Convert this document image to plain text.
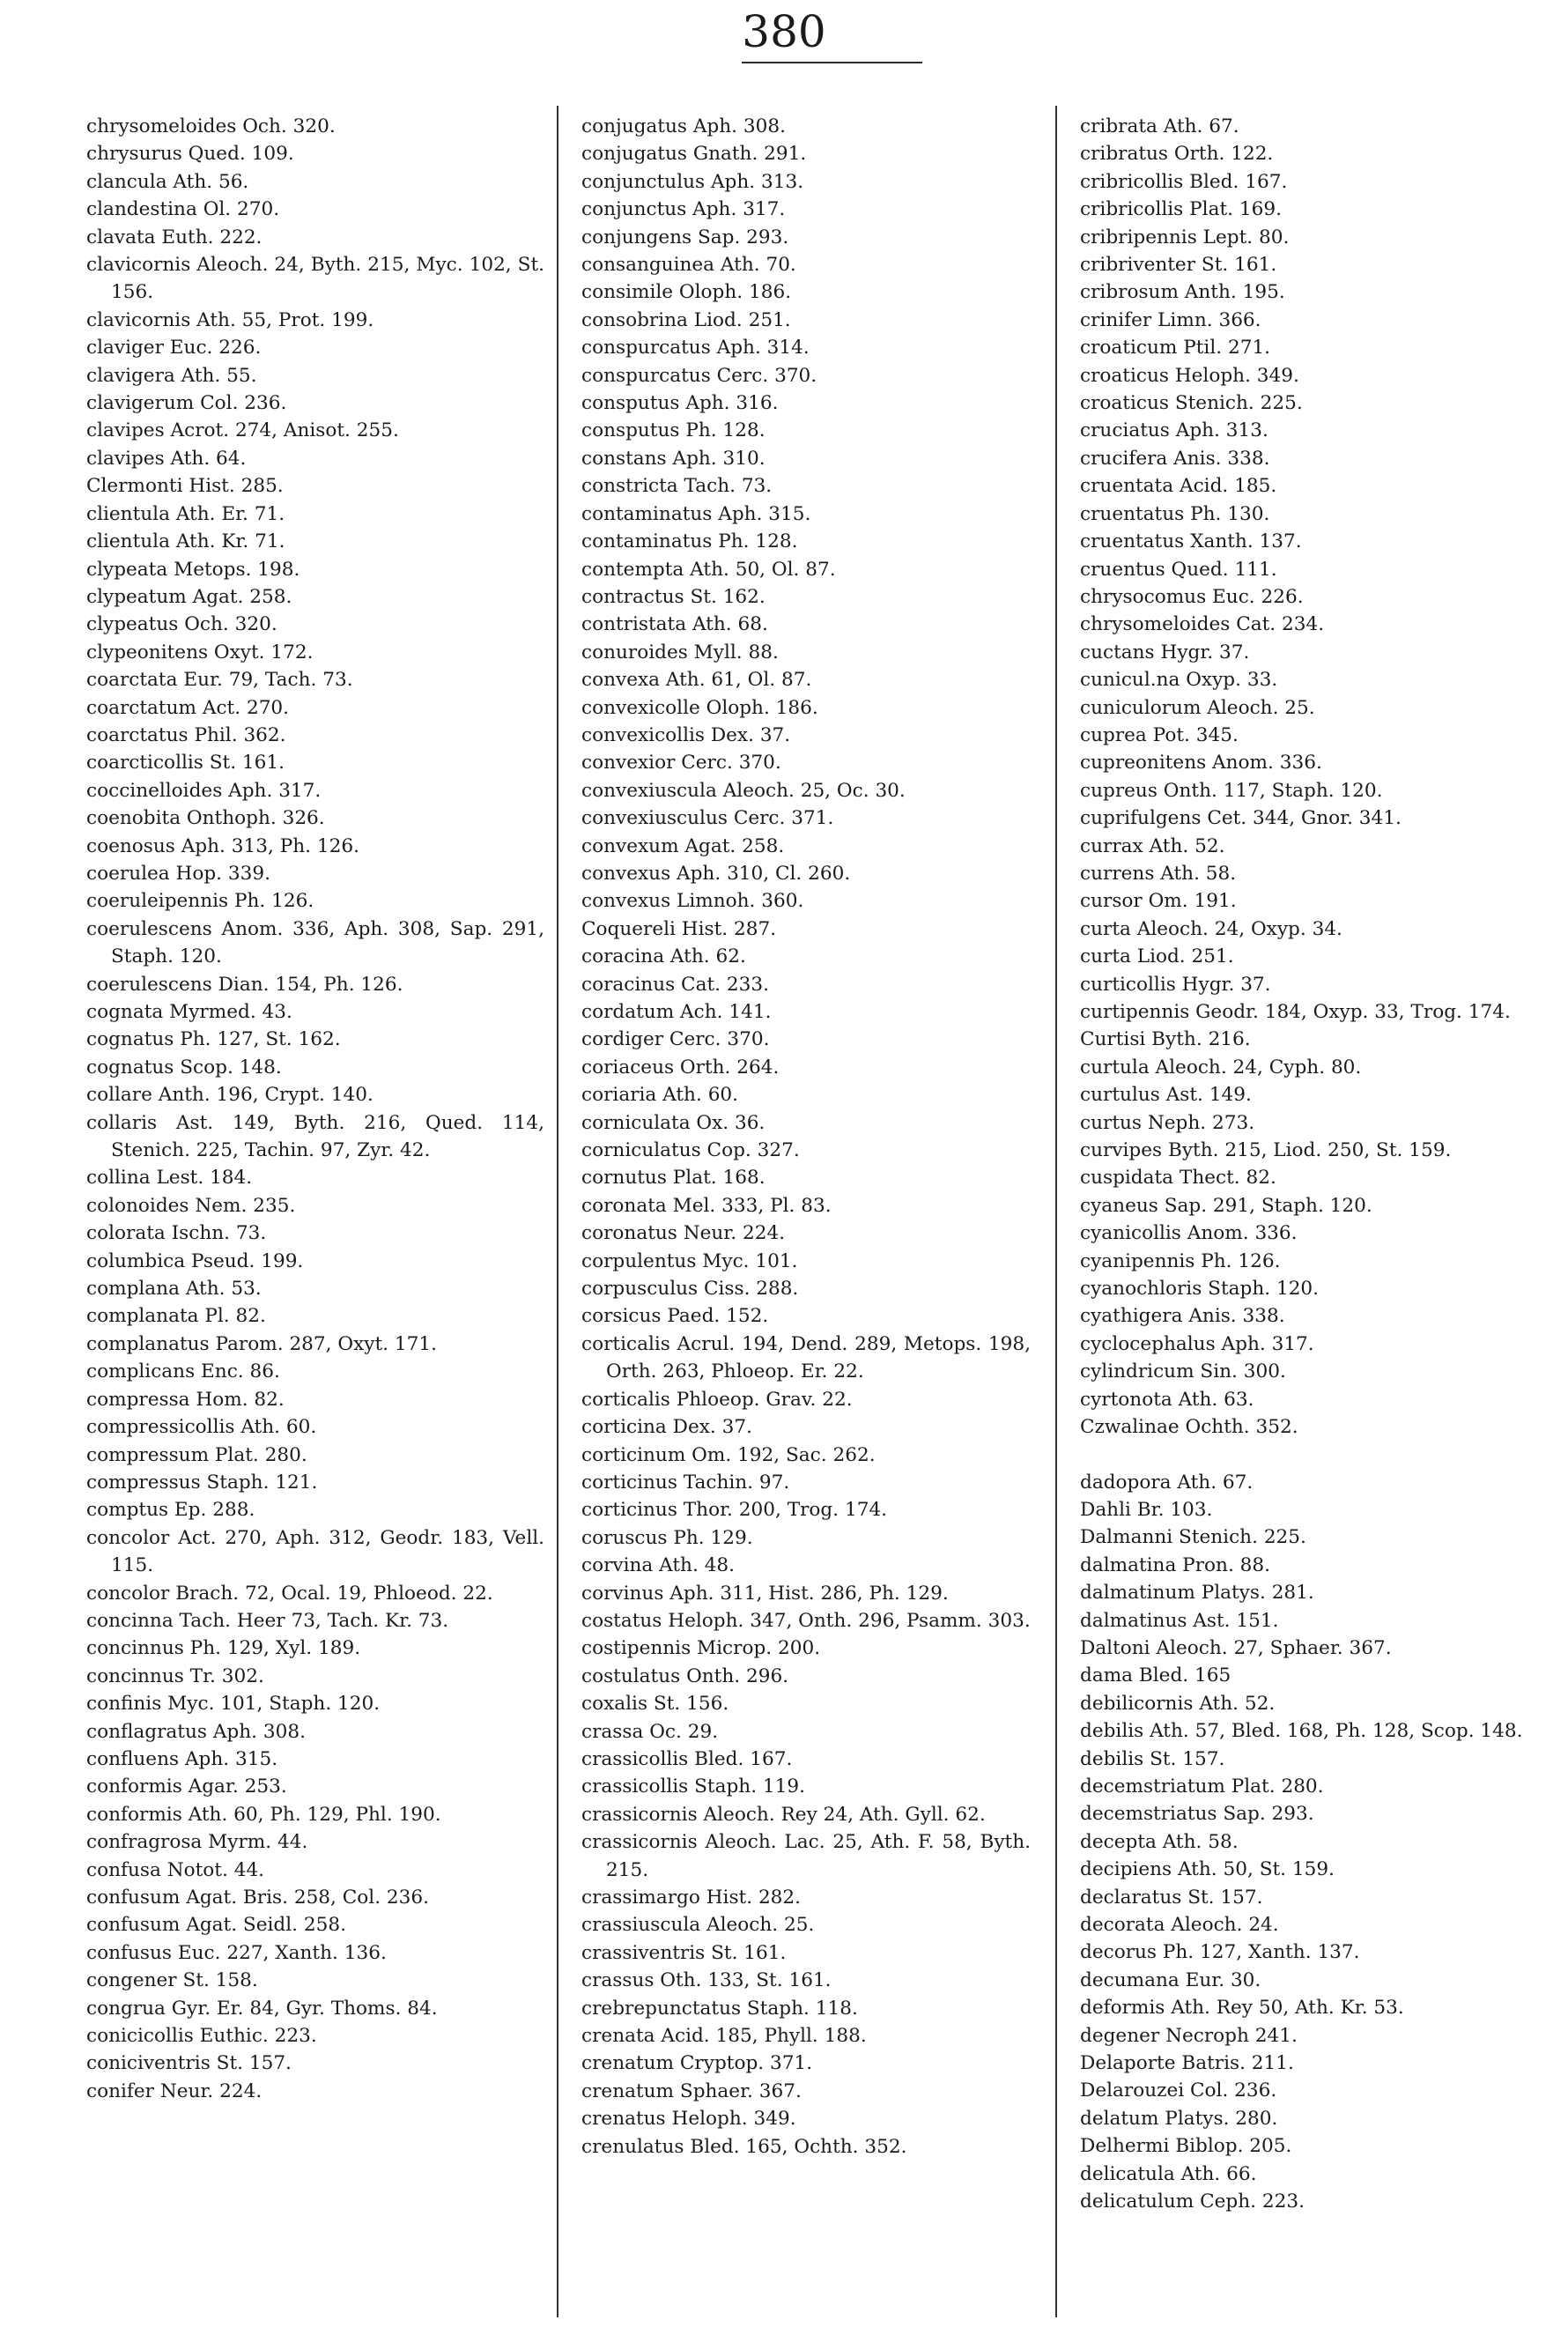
380
chrysomeloides Och. 320.
chrysurus Qued. 109.
clancula Ath. 56.
clandestina Ol. 270.
clavata Euth. 222.
clavicornis Aleoch. 24, Byth. 215, Myc. 102, St. 156.
clavicornis Ath. 55, Prot. 199.
claviger Euc. 226.
clavigera Ath. 55.
clavigerum Col. 236.
clavipes Acrot. 274, Anisot. 255.
clavipes Ath. 64.
Clermonti Hist. 285.
clientula Ath. Er. 71.
clientula Ath. Kr. 71.
clypeata Metops. 198.
clypeatum Agat. 258.
clypeatus Och. 320.
clypeonitens Oxyt. 172.
coarctata Eur. 79, Tach. 73.
coarctatum Act. 270.
coarctatus Phil. 362.
coarcticollis St. 161.
coccinelloides Aph. 317.
coenobita Onthoph. 326.
coenosus Aph. 313, Ph. 126.
coerulea Hop. 339.
coeruleipennis Ph. 126.
coerulescens Anom. 336, Aph. 308, Sap. 291, Staph. 120.
coerulescens Dian. 154, Ph. 126.
cognata Myrmed. 43.
cognatus Ph. 127, St. 162.
cognatus Scop. 148.
collare Anth. 196, Crypt. 140.
collaris Ast. 149, Byth. 216, Qued. 114, Stenich. 225, Tachin. 97, Zyr. 42.
collina Lest. 184.
colonoides Nem. 235.
colorata Ischn. 73.
columbica Pseud. 199.
complana Ath. 53.
complanata Pl. 82.
complanatus Parom. 287, Oxyt. 171.
complicans Enc. 86.
compressa Hom. 82.
compressicollis Ath. 60.
compressum Plat. 280.
compressus Staph. 121.
comptus Ep. 288.
concolor Act. 270, Aph. 312, Geodr. 183, Vell. 115.
concolor Brach. 72, Ocal. 19, Phloeod. 22.
concinna Tach. Heer 73, Tach. Kr. 73.
concinnus Ph. 129, Xyl. 189.
concinnus Tr. 302.
confinis Myc. 101, Staph. 120.
conflagratus Aph. 308.
confluens Aph. 315.
conformis Agar. 253.
conformis Ath. 60, Ph. 129, Phl. 190.
confragrosa Myrm. 44.
confusa Notot. 44.
confusum Agat. Bris. 258, Col. 236.
confusum Agat. Seidl. 258.
confusus Euc. 227, Xanth. 136.
congener St. 158.
congrua Gyr. Er. 84, Gyr. Thoms. 84.
conicicollis Euthic. 223.
coniciventris St. 157.
conifer Neur. 224.
conjugatus Aph. 308.
conjugatus Gnath. 291.
conjunctulus Aph. 313.
conjunctus Aph. 317.
conjungens Sap. 293.
consanguinea Ath. 70.
consimile Oloph. 186.
consobrina Liod. 251.
conspurcatus Aph. 314.
conspurcatus Cerc. 370.
consputus Aph. 316.
consputus Ph. 128.
constans Aph. 310.
constricta Tach. 73.
contaminatus Aph. 315.
contaminatus Ph. 128.
contempta Ath. 50, Ol. 87.
contractus St. 162.
contristata Ath. 68.
conuroides Myll. 88.
convexa Ath. 61, Ol. 87.
convexicolle Oloph. 186.
convexicollis Dex. 37.
convexior Cerc. 370.
convexiuscula Aleoch. 25, Oc. 30.
convexiusculus Cerc. 371.
convexum Agat. 258.
convexus Aph. 310, Cl. 260.
convexus Limnoh. 360.
Coquereli Hist. 287.
coracina Ath. 62.
coracinus Cat. 233.
cordatum Ach. 141.
cordiger Cerc. 370.
coriaceus Orth. 264.
coriaria Ath. 60.
corniculata Ox. 36.
corniculatus Cop. 327.
cornutus Plat. 168.
coronata Mel. 333, Pl. 83.
coronatus Neur. 224.
corpulentus Myc. 101.
corpusculus Ciss. 288.
corsicus Paed. 152.
corticalis Acrul. 194, Dend. 289, Metops. 198, Orth. 263, Phloeop. Er. 22.
corticalis Phloeop. Grav. 22.
corticina Dex. 37.
corticinum Om. 192, Sac. 262.
corticinus Tachin. 97.
corticinus Thor. 200, Trog. 174.
coruscus Ph. 129.
corvina Ath. 48.
corvinus Aph. 311, Hist. 286, Ph. 129.
costatus Heloph. 347, Onth. 296, Psamm. 303.
costipennis Microp. 200.
costulatus Onth. 296.
coxalis St. 156.
crassa Oc. 29.
crassicollis Bled. 167.
crassicollis Staph. 119.
crassicornis Aleoch. Rey 24, Ath. Gyll. 62.
crassicornis Aleoch. Lac. 25, Ath. F. 58, Byth. 215.
crassimargo Hist. 282.
crassiuscula Aleoch. 25.
crassiventris St. 161.
crassus Oth. 133, St. 161.
crebrepunctatus Staph. 118.
crenata Acid. 185, Phyll. 188.
crenatum Cryptop. 371.
crenatum Sphaer. 367.
crenatus Heloph. 349.
crenulatus Bled. 165, Ochth. 352.
cribrata Ath. 67.
cribratus Orth. 122.
cribricollis Bled. 167.
cribricollis Plat. 169.
cribripennis Lept. 80.
cribriventer St. 161.
cribrosum Anth. 195.
crinifer Limn. 366.
croaticum Ptil. 271.
croaticus Heloph. 349.
croaticus Stenich. 225.
cruciatus Aph. 313.
crucifera Anis. 338.
cruentata Acid. 185.
cruentatus Ph. 130.
cruentatus Xanth. 137.
cruentus Qued. 111.
chrysocomus Euc. 226.
chrysomeloides Cat. 234.
cuctans Hygr. 37.
cunicul.na Oxyp. 33.
cuniculorum Aleoch. 25.
cuprea Pot. 345.
cupreonitens Anom. 336.
cupreus Onth. 117, Staph. 120.
cuprifulgens Cet. 344, Gnor. 341.
currax Ath. 52.
currens Ath. 58.
cursor Om. 191.
curta Aleoch. 24, Oxyp. 34.
curta Liod. 251.
curticollis Hygr. 37.
curtipennis Geodr. 184, Oxyp. 33, Trog. 174.
Curtisi Byth. 216.
curtula Aleoch. 24, Cyph. 80.
curtulus Ast. 149.
curtus Neph. 273.
curvipes Byth. 215, Liod. 250, St. 159.
cuspidata Thect. 82.
cyaneus Sap. 291, Staph. 120.
cyanicollis Anom. 336.
cyanipennis Ph. 126.
cyanochloris Staph. 120.
cyathigera Anis. 338.
cyclocephalus Aph. 317.
cylindricum Sin. 300.
cyrtonota Ath. 63.
Czwalinae Ochth. 352.
dadopora Ath. 67.
Dahli Br. 103.
Dalmanni Stenich. 225.
dalmatina Pron. 88.
dalmatinum Platys. 281.
dalmatinus Ast. 151.
Daltoni Aleoch. 27, Sphaer. 367.
dama Bled. 165
debilicornis Ath. 52.
debilis Ath. 57, Bled. 168, Ph. 128, Scop. 148.
debilis St. 157.
decemstriatum Plat. 280.
decemstriatus Sap. 293.
decepta Ath. 58.
decipiens Ath. 50, St. 159.
declaratus St. 157.
decorata Aleoch. 24.
decorus Ph. 127, Xanth. 137.
decumana Eur. 30.
deformis Ath. Rey 50, Ath. Kr. 53.
degener Necroph 241.
Delaporte Batris. 211.
Delarouzei Col. 236.
delatum Platys. 280.
Delhermi Biblop. 205.
delicatula Ath. 66.
delicatulum Ceph. 223.
